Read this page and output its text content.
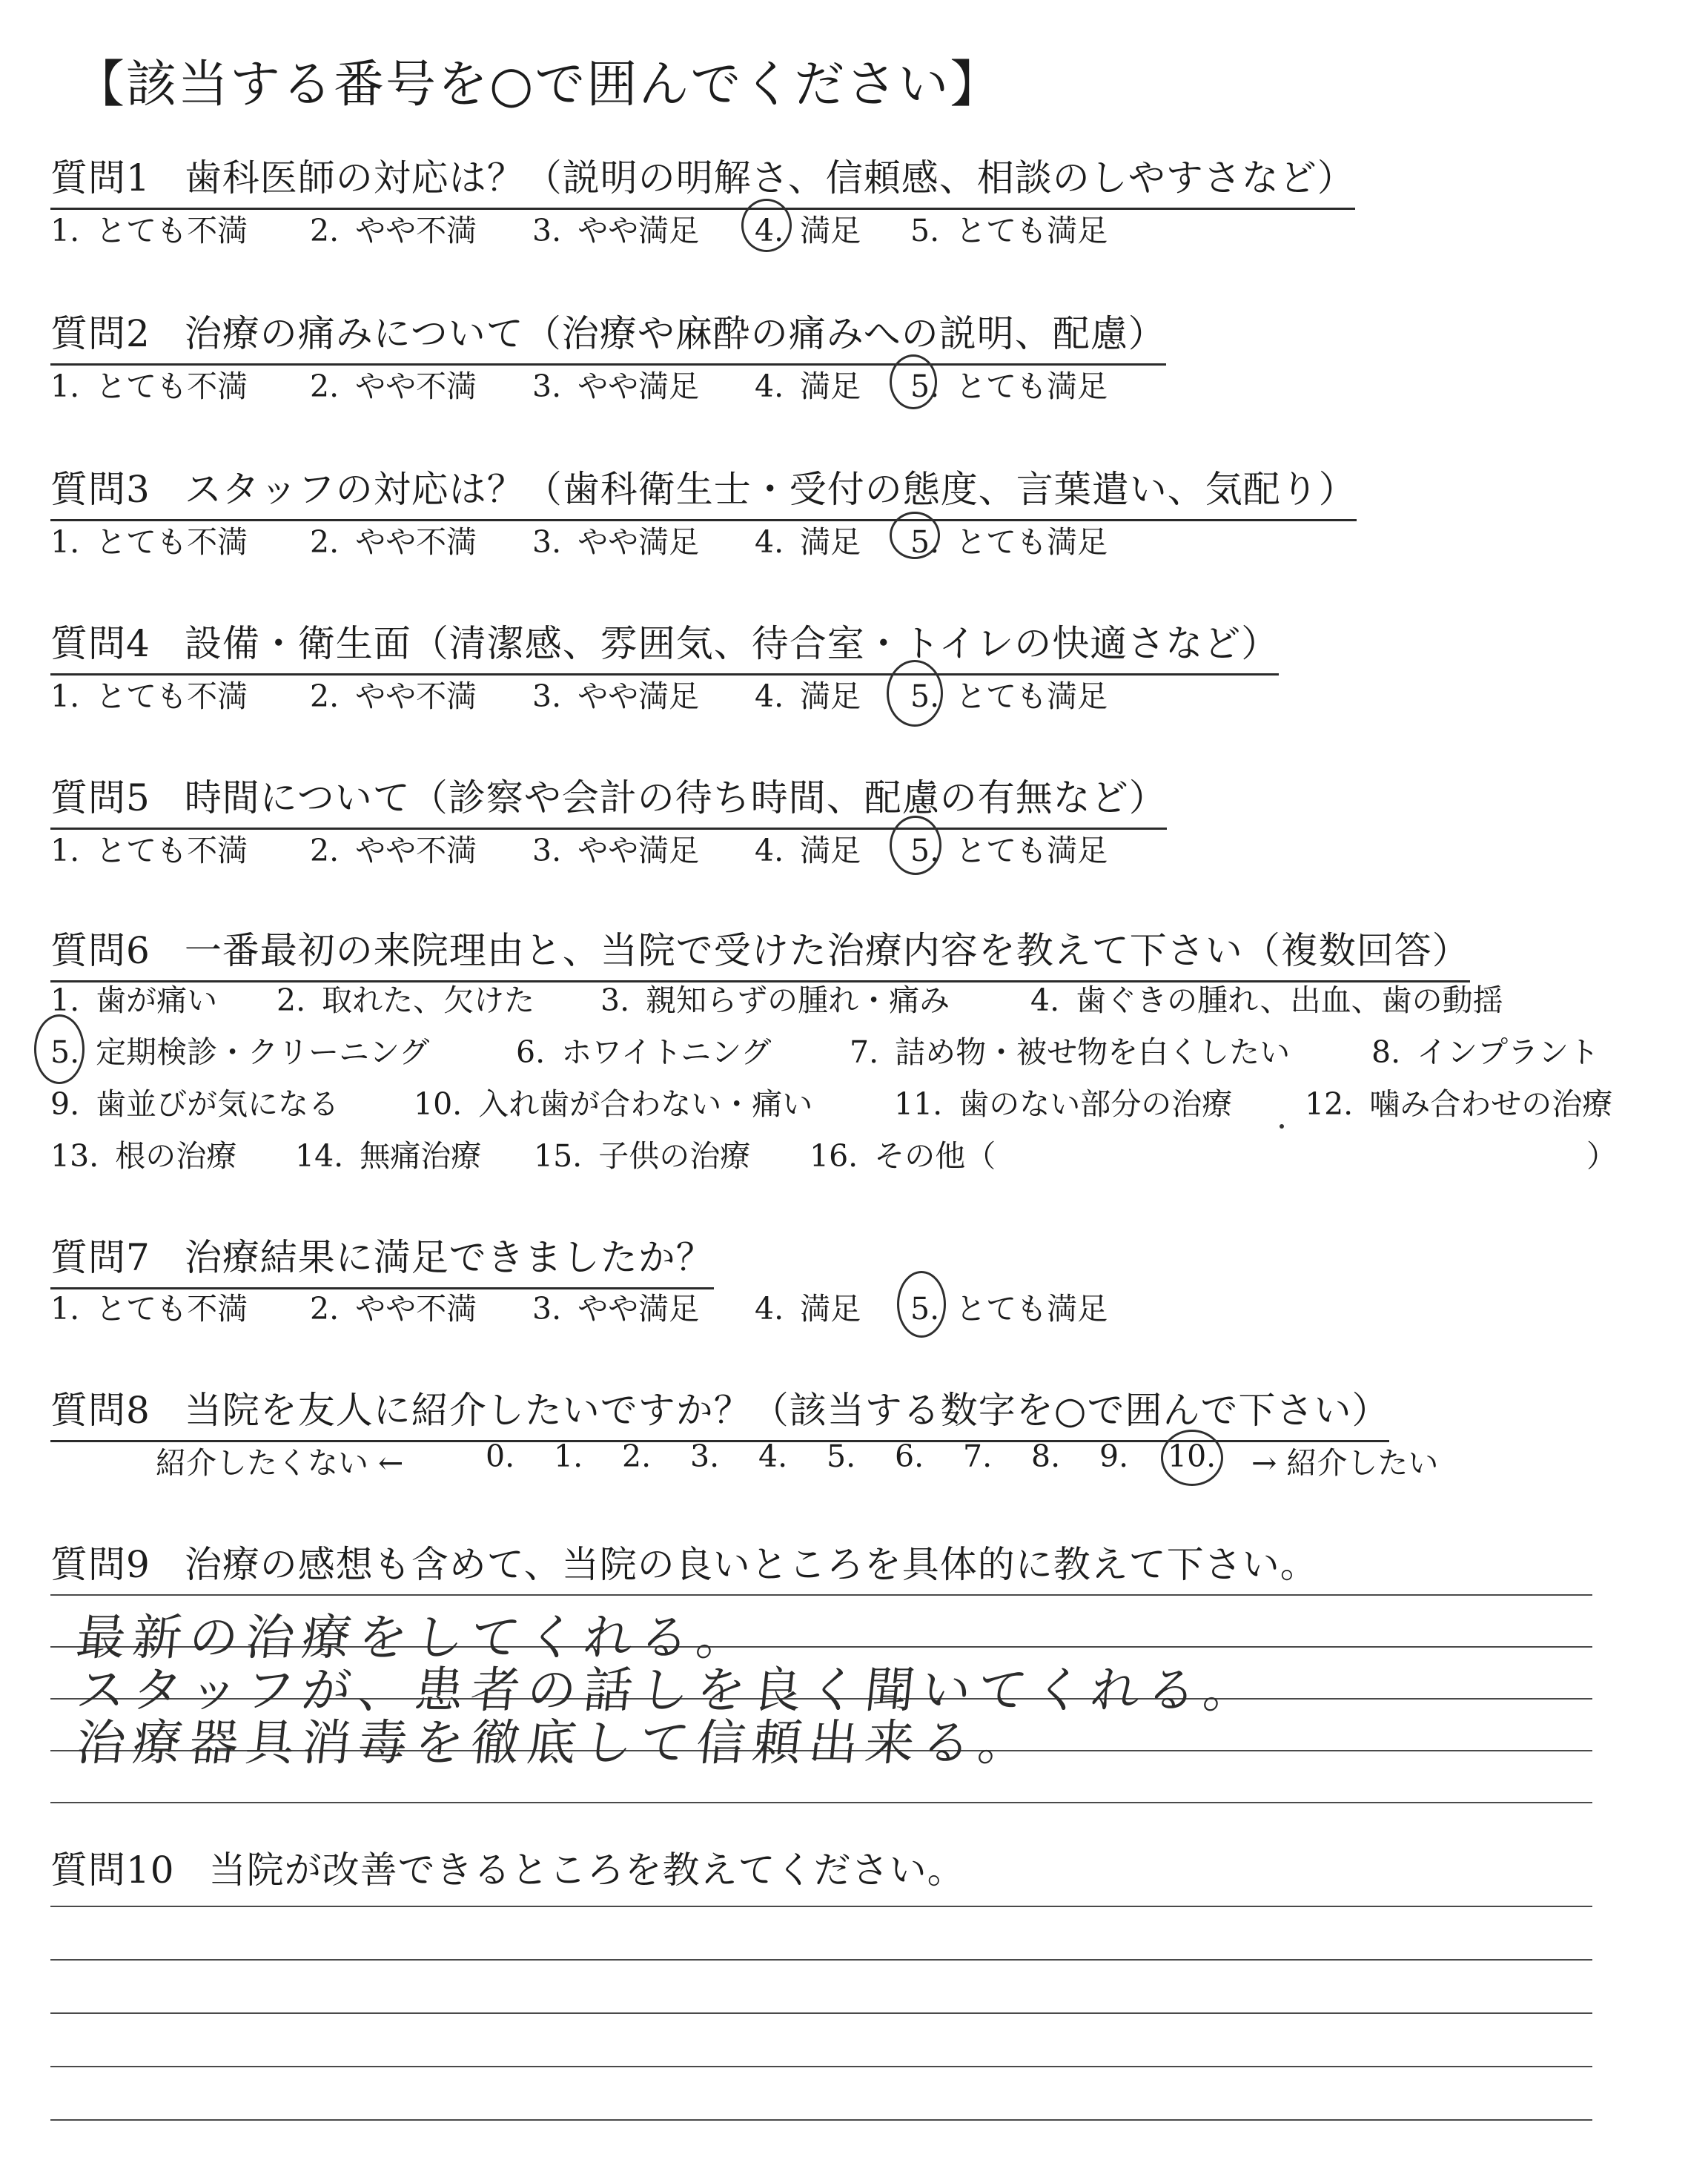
【該当する番号を○で囲んでください】
質問1 歯科医師の対応は？（説明の明解さ、信頼感、相談のしやすさなど）
1. とても不満 2. やや不満 3. やや満足 4. 満足 5. とても満足
質問2 治療の痛みについて（治療や麻酔の痛みへの説明、配慮）
1. とても不満 2. やや不満 3. やや満足 4. 満足 5. とても満足
質問3 スタッフの対応は？（歯科衛生士・受付の態度、言葉遣い、気配り）
1. とても不満 2. やや不満 3. やや満足 4. 満足 5. とても満足
質問4 設備・衛生面（清潔感、雰囲気、待合室・トイレの快適さなど）
1. とても不満 2. やや不満 3. やや満足 4. 満足 5. とても満足
質問5 時間について（診察や会計の待ち時間、配慮の有無など）
1. とても不満 2. やや不満 3. やや満足 4. 満足 5. とても満足
質問6 一番最初の来院理由と、当院で受けた治療内容を教えて下さい（複数回答）
1. 歯が痛い 2. 取れた、欠けた 3. 親知らずの腫れ・痛み	4. 歯ぐきの腫れ、出血、歯の動揺
5. 定期検診・クリーニング	6. ホワイトニング	7. 詰め物・被せ物を白くしたい	8. インプラント
9. 歯並びが気になる 10. 入れ歯が合わない・痛い	11. 歯のない部分の治療 12. 噛み合わせの治療
13. 根の治療 14. 無痛治療 15. 子供の治療 16. その他（	）
質問7 治療結果に満足できましたか？
1. とても不満 2. やや不満 3. やや満足 4. 満足 5. とても満足
質問8 当院を友人に紹介したいですか？（該当する数字を○で囲んで下さい）
紹介したくない ←	0. 1. 2. 3. 4. 5. 6. 7. 8. 9. 10. → 紹介したい
質問9 治療の感想も含めて、当院の良いところを具体的に教えて下さい。
最新の治療をしてくれる。
スタッフが、患者の話しを良く聞いてくれる。
治療器具消毒を徹底して信頼出来る。
質問10 当院が改善できるところを教えてください。
